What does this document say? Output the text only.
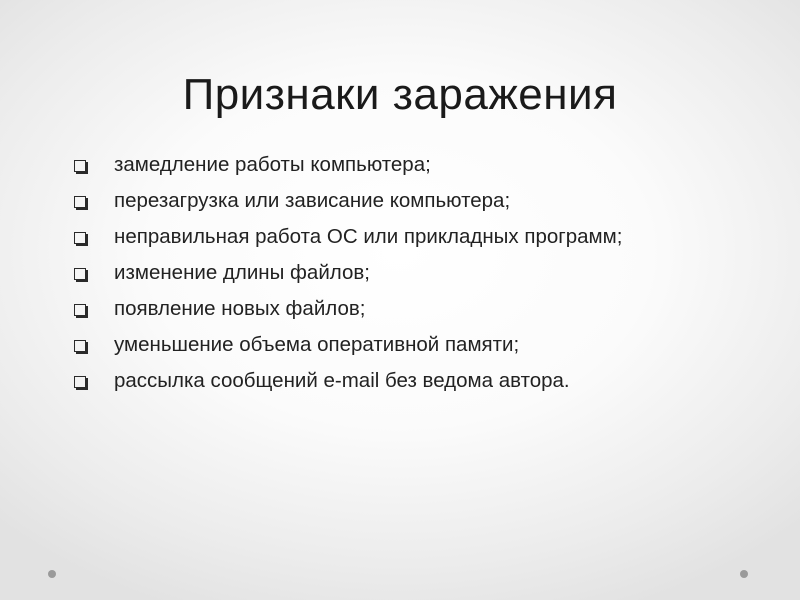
Признаки заражения
замедление работы компьютера;
перезагрузка или зависание компьютера;
неправильная работа ОС или прикладных программ;
изменение длины файлов;
появление новых файлов;
уменьшение объема оперативной памяти;
рассылка сообщений e-mail без ведома автора.
